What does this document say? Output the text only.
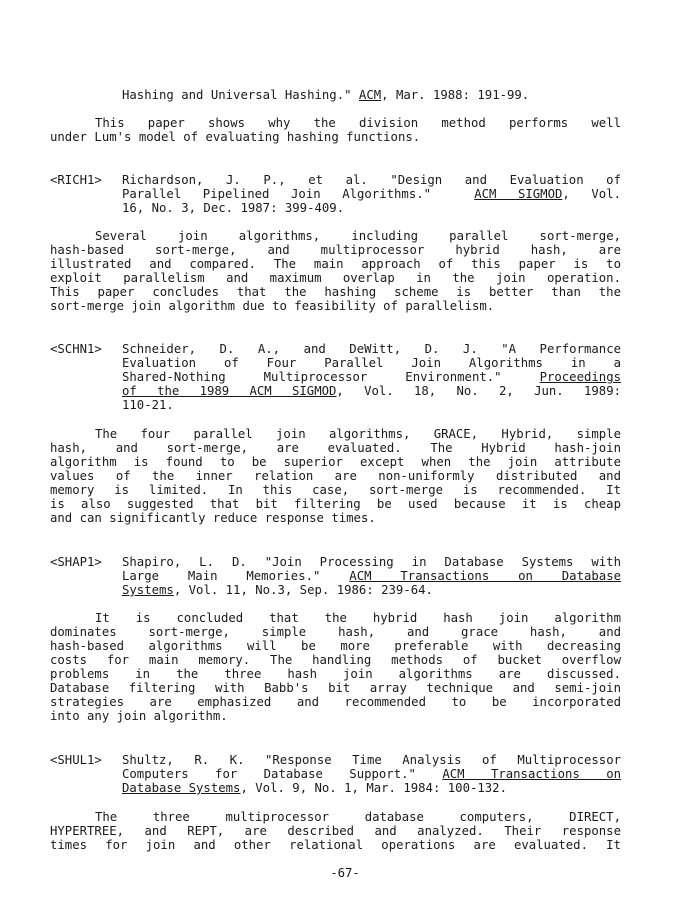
Hashing and Universal Hashing." ACM, Mar. 1988: 191-99.
This paper shows why the division method performs well
under Lum's model of evaluating hashing functions.
<RICH1> Richardson, J. P., et al. "Design and Evaluation of
Parallel Pipelined Join Algorithms."  ACM SIGMOD, Vol.
16, No. 3, Dec. 1987: 399-409.
Several join algorithms, including parallel sort-merge,
hash-based sort-merge, and multiprocessor hybrid hash, are
illustrated and compared. The main approach of this paper is to
exploit parallelism and maximum overlap in the join operation.
This paper concludes that the hashing scheme is better than the
sort-merge join algorithm due to feasibility of parallelism.
<SCHN1> Schneider, D. A., and DeWitt, D. J. "A Performance
Evaluation of Four Parallel Join Algorithms in a
Shared-Nothing Multiprocessor Environment." Proceedings
of the 1989 ACM SIGMOD, Vol. 18, No. 2, Jun. 1989:
110-21.
The four parallel join algorithms, GRACE, Hybrid, simple
hash, and sort-merge, are evaluated. The Hybrid hash-join
algorithm is found to be superior except when the join attribute
values of the inner relation are non-uniformly distributed and
memory is limited. In this case, sort-merge is recommended. It
is also suggested that bit filtering be used because it is cheap
and can significantly reduce response times.
<SHAP1> Shapiro, L. D. "Join Processing in Database Systems with
Large Main Memories." ACM Transactions on Database
Systems, Vol. 11, No.3, Sep. 1986: 239-64.
It is concluded that the hybrid hash join algorithm
dominates sort-merge, simple hash, and grace hash, and
hash-based algorithms will be more preferable with decreasing
costs for main memory. The handling methods of bucket overflow
problems in the three hash join algorithms are discussed.
Database filtering with Babb's bit array technique and semi-join
strategies are emphasized and recommended to be incorporated
into any join algorithm.
<SHUL1> Shultz, R. K. "Response Time Analysis of Multiprocessor
Computers for Database Support." ACM Transactions on
Database Systems, Vol. 9, No. 1, Mar. 1984: 100-132.
The three multiprocessor database computers, DIRECT,
HYPERTREE, and REPT, are described and analyzed. Their response
times for join and other relational operations are evaluated. It
-67-
